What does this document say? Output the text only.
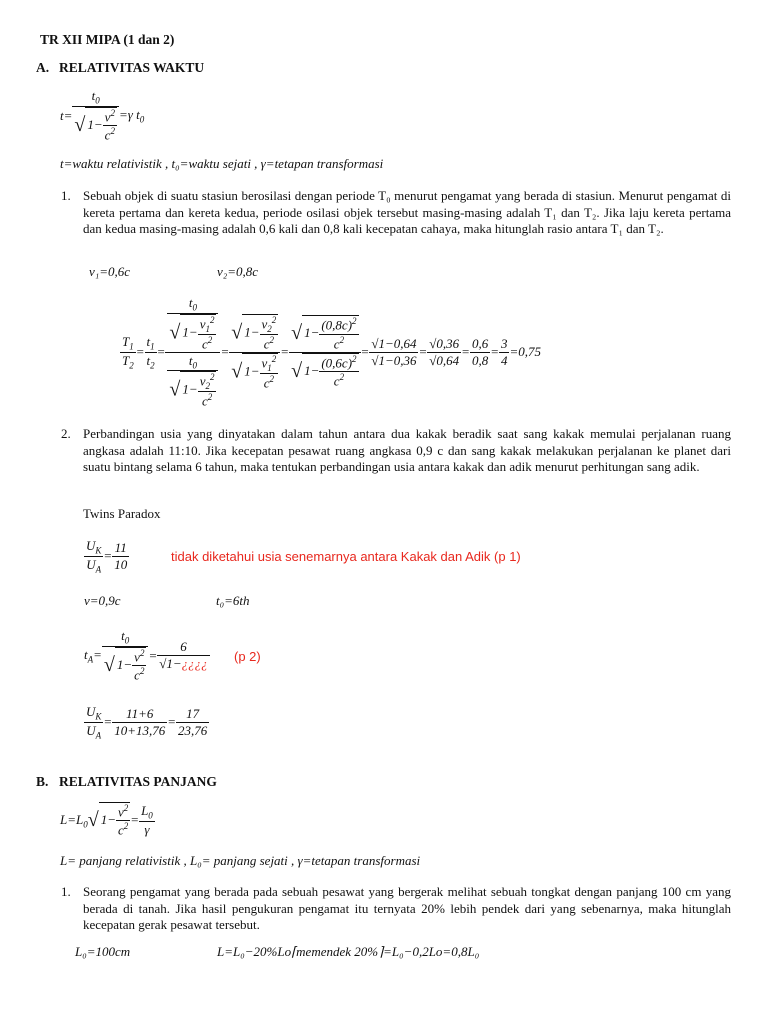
TR XII MIPA (1 dan 2)
A. RELATIVITAS WAKTU
$t= \frac{t_0}{√ 1- \frac{v^2}{c^2}} =\gamma$ $t_0$
t=waktu relativistik , t₀=waktu sejati , γ=tetapan transformasi
1. Sebuah objek di suatu stasiun berosilasi dengan periode T₀ menurut pengamat yang berada di stasiun. Menurut pengamat di kereta pertama dan kereta kedua, periode osilasi objek tersebut masing-masing adalah T₁ dan T₂. Jika laju kereta pertama dan kedua masing-masing adalah 0,6 kali dan 0,8 kali kecepatan cahaya, maka hitunglah rasio antara T₁ dan T₂.
v₁=0,6c	v₂=0,8c
$\frac{T_1}{T_2} = \frac{t_1}{t_2} = \frac{\frac{t_0}{√ 1- \frac{v_1^2}{c^2}}}{\frac{t_0}{√ 1- \frac{v_2^2}{c^2}}} = \frac{√ 1- \frac{v_2^2}{c^2}}{√ 1- \frac{v_1^2}{c^2}} = \frac{√ 1- \frac{(0,8c)^2}{c^2}}{√ 1- \frac{(0,6c)^2}{c^2}} = \frac{√1-0,64}{√1-0,36} = \frac{√0,36}{√0,64} = \frac{0,6}{0,8} = \frac{3}{4} =0,75$
2. Perbandingan usia yang dinyatakan dalam tahun antara dua kakak beradik saat sang kakak memulai perjalanan ruang angkasa adalah 11:10. Jika kecepatan pesawat ruang angkasa 0,9 c dan sang kakak melakukan perjalanan ke planet dari suatu bintang selama 6 tahun, maka tentukan perbandingan usia antara kakak dan adik menurut perhitungan sang adik.
Twins Paradox
$\frac{U_K}{U_A} = \frac{11}{10}$	tidak diketahui usia senemarnya antara Kakak dan Adik (p 1)
v=0,9c	t₀=6th
$t_A= \frac{t_0}{√ 1- \frac{v^2}{c^2}} = \frac{6}{√1-¿¿¿¿} (p$ 2)
$\frac{U_K}{U_A} = \frac{11+6}{10+13,76} = \frac{17}{23,76}$
B. RELATIVITAS PANJANG
$L=L_0$ √ $1- \frac{v^2}{c^2} = \frac{L_0}{\gamma}$
L= panjang relativistik , L₀= panjang sejati , γ=tetapan transformasi
1. Seorang pengamat yang berada pada sebuah pesawat yang bergerak melihat sebuah tongkat dengan panjang 100 cm yang berada di tanah. Jika hasil pengukuran pengamat itu ternyata 20% lebih pendek dari yang sebenarnya, maka hitunglah kecepatan gerak pesawat tersebut.
L₀=100cm	L=L₀−20%Lo⌈memendek 20%⌉=L₀−0,2Lo=0,8L₀
